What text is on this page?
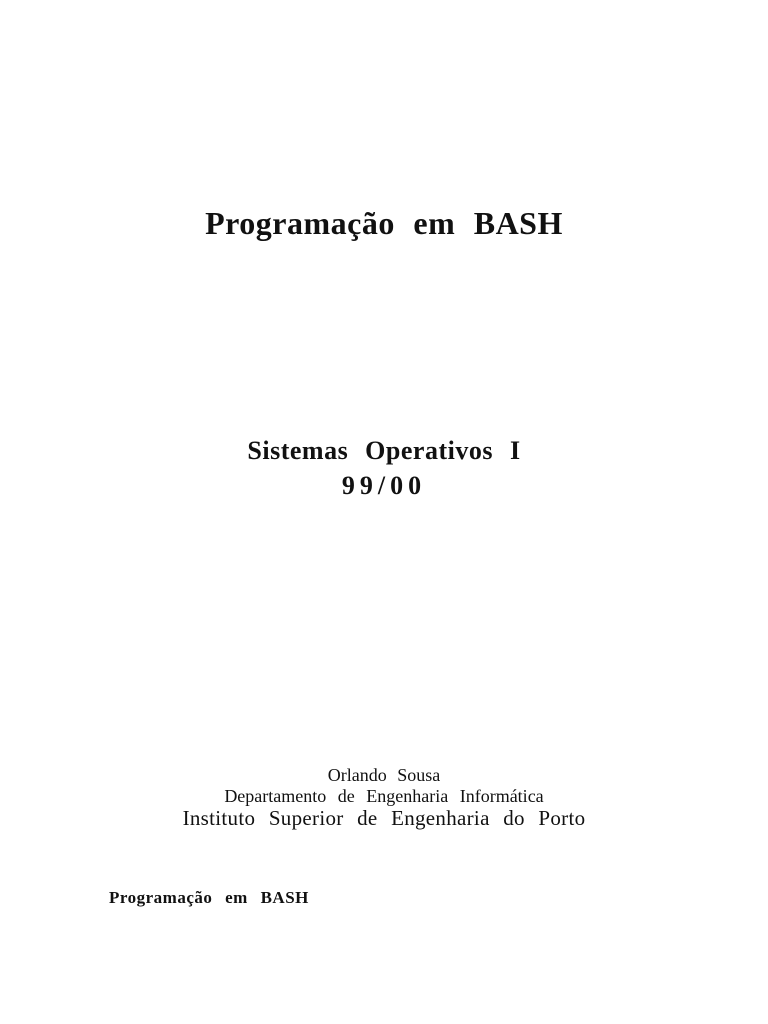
Programação em BASH
Sistemas Operativos I
99/00
Orlando Sousa
Departamento de Engenharia Informática
Instituto Superior de Engenharia do Porto
Programação em BASH
